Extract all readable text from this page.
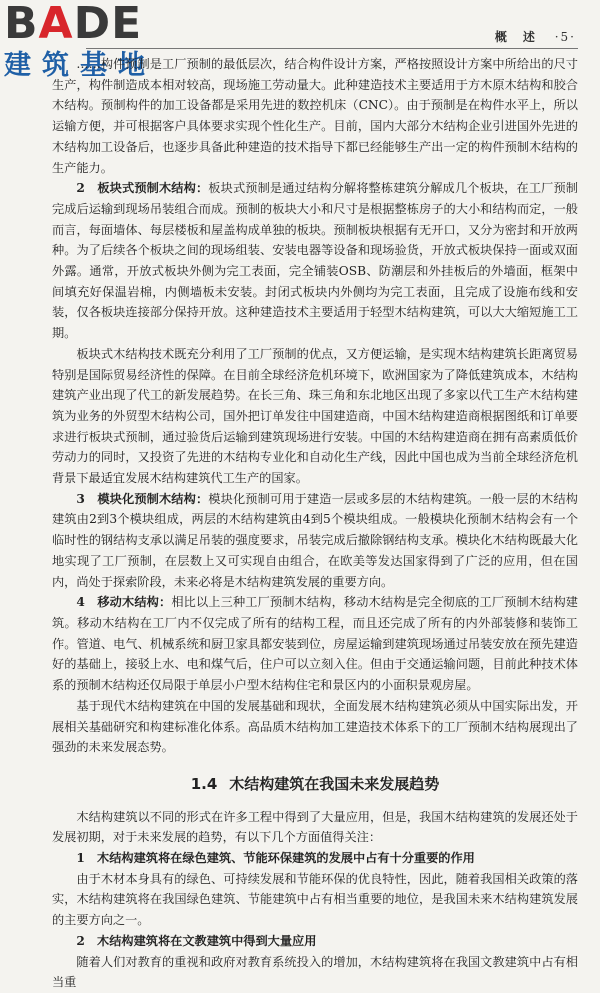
BADE
建筑基地
概　述 ·5·

……构件预制是工厂预制的最低层次，结合构件设计方案，严格按照设计方案中所给出的尺寸生产，构件制造成本相对较高，现场施工劳动量大。此种建造技术主要适用于方木原木结构和胶合木结构。预制构件的加工设备都是采用先进的数控机床（CNC）。由于预制是在构件水平上，所以运输方便，并可根据客户具体要求实现个性化生产。目前，国内大部分木结构企业引进国外先进的木结构加工设备后，也逐步具备此种建造的技术指导下都已经能够生产出一定的构件预制木结构的生产能力。

2　板块式预制木结构：板块式预制是通过结构分解将整栋建筑分解成几个板块，在工厂预制完成后运输到现场吊装组合而成。预制的板块大小和尺寸是根据整栋房子的大小和结构而定，一般而言，每面墙体、每层楼板和屋盖构成单独的板块。预制板块根据有无开口，又分为密封和开放两种。为了后续各个板块之间的现场组装、安装电器等设备和现场验货，开放式板块保持一面或双面外露。通常，开放式板块外侧为完工表面，完全铺装OSB、防潮层和外挂板后的外墙面，框架中间填充好保温岩棉，内侧墙板未安装。封闭式板块内外侧均为完工表面，且完成了设施布线和安装，仅各板块连接部分保持开放。这种建造技术主要适用于轻型木结构建筑，可以大大缩短施工工期。

板块式木结构技术既充分利用了工厂预制的优点，又方便运输，是实现木结构建筑长距离贸易特别是国际贸易经济性的保障。在目前全球经济危机环境下，欧洲国家为了降低建筑成本，木结构建筑产业出现了代工的新发展趋势。在长三角、珠三角和东北地区出现了多家以代工生产木结构建筑为业务的外贸型木结构公司，国外把订单发往中国建造商，中国木结构建造商根据图纸和订单要求进行板块式预制，通过验货后运输到建筑现场进行安装。中国的木结构建造商在拥有高素质低价劳动力的同时，又投资了先进的木结构专业化和自动化生产线，因此中国也成为当前全球经济危机背景下最适宜发展木结构建筑代工生产的国家。

3　模块化预制木结构：模块化预制可用于建造一层或多层的木结构建筑。一般一层的木结构建筑由2到3个模块组成，两层的木结构建筑由4到5个模块组成。一般模块化预制木结构会有一个临时性的钢结构支承以满足吊装的强度要求，吊装完成后撤除钢结构支承。模块化木结构既最大化地实现了工厂预制，在层数上又可实现自由组合，在欧美等发达国家得到了广泛的应用，但在国内，尚处于探索阶段，未来必将是木结构建筑发展的重要方向。

4　移动木结构：相比以上三种工厂预制木结构，移动木结构是完全彻底的工厂预制木结构建筑。移动木结构在工厂内不仅完成了所有的结构工程，而且还完成了所有的内外部装修和装饰工作。管道、电气、机械系统和厨卫家具都安装到位，房屋运输到建筑现场通过吊装安放在预先建造好的基础上，接驳上水、电和煤气后，住户可以立刻入住。但由于交通运输问题，目前此种技术体系的预制木结构还仅局限于单层小户型木结构住宅和景区内的小面积景观房屋。

基于现代木结构建筑在中国的发展基础和现状，全面发展木结构建筑必须从中国实际出发，开展相关基础研究和构建标准化体系。高品质木结构加工建造技术体系下的工厂预制木结构展现出了强劲的未来发展态势。

1.4 木结构建筑在我国未来发展趋势

木结构建筑以不同的形式在许多工程中得到了大量应用，但是，我国木结构建筑的发展还处于发展初期，对于未来发展的趋势，有以下几个方面值得关注：

1　木结构建筑将在绿色建筑、节能环保建筑的发展中占有十分重要的作用

由于木材本身具有的绿色、可持续发展和节能环保的优良特性，因此，随着我国相关政策的落实，木结构建筑将在我国绿色建筑、节能建筑中占有相当重要的地位，是我国未来木结构建筑发展的主要方向之一。

2　木结构建筑将在文教建筑中得到大量应用

随着人们对教育的重视和政府对教育系统投入的增加，木结构建筑将在我国文教建筑中占有相当重
